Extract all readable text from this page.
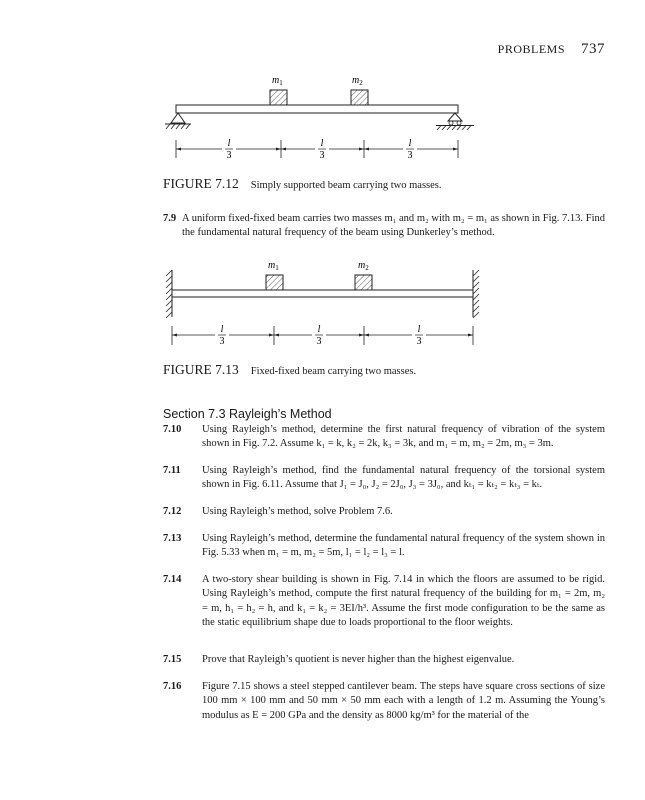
PROBLEMS 737
$m_1$	$m_2$
l
3
l
3
l
3
FIGURE 7.12 Simply supported beam carrying two masses.
7.9 A uniform fixed-fixed beam carries two masses m₁ and m₂ with m₂ = m₁ as shown in Fig. 7.13. Find the fundamental natural frequency of the beam using Dunkerley’s method.
$m_1$	$m_2$
l
3
l
3
l
3
FIGURE 7.13 Fixed-fixed beam carrying two masses.
Section 7.3 Rayleigh’s Method
7.10 Using Rayleigh’s method, determine the first natural frequency of vibration of the system shown in Fig. 7.2. Assume k₁ = k, k₂ = 2k, k₃ = 3k, and m₁ = m, m₂ = 2m, m₃ = 3m.
7.11 Using Rayleigh’s method, find the fundamental natural frequency of the torsional system shown in Fig. 6.11. Assume that J₁ = J₀, J₂ = 2J₀, J₃ = 3J₀, and kₜ₁ = kₜ₂ = kₜ₃ = kₜ.
7.12 Using Rayleigh’s method, solve Problem 7.6.
7.13 Using Rayleigh’s method, determine the fundamental natural frequency of the system shown in Fig. 5.33 when m₁ = m, m₂ = 5m, l₁ = l₂ = l₃ = l.
7.14 A two-story shear building is shown in Fig. 7.14 in which the floors are assumed to be rigid. Using Rayleigh’s method, compute the first natural frequency of the building for m₁ = 2m, m₂ = m, h₁ = h₂ = h, and k₁ = k₂ = 3EI/h³. Assume the first mode configuration to be the same as the static equilibrium shape due to loads proportional to the floor weights.
7.15 Prove that Rayleigh’s quotient is never higher than the highest eigenvalue.
7.16 Figure 7.15 shows a steel stepped cantilever beam. The steps have square cross sections of size 100 mm × 100 mm and 50 mm × 50 mm each with a length of 1.2 m. Assuming the Young’s modulus as E = 200 GPa and the density as 8000 kg/m³ for the material of the
